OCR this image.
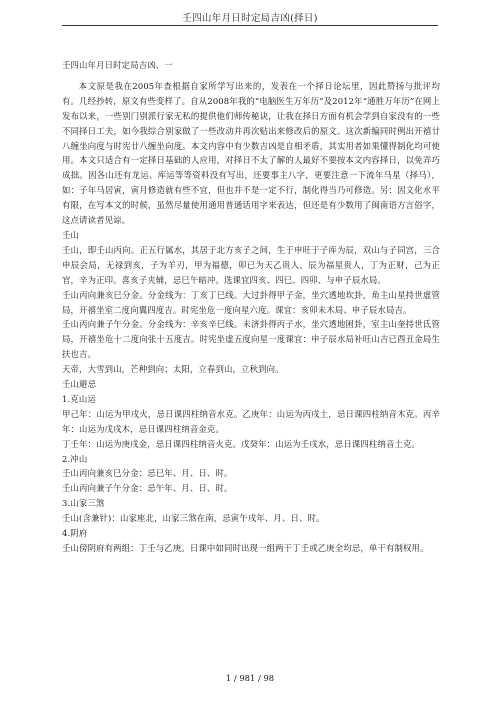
壬四山年月日时定局吉凶(择日)

壬四山年月日时定局吉凶、一

本文原是我在2005年查根据自家所学写出来的，发表在一个择日论坛里，因此赞扬与批评均有。几经抄转，原文有些变样了。自从2008年我的“电脑医生万年历”及2012年“通胜万年历”在网上发布以来，一些别门别派行家无私的提供他们师传秘诀，让我在择日方面有机会学到自家没有的一些不同择日工夫，如今我综合别家做了一些改动并再次贴出来修改后的原文。这次新编同时例出开禧廿八缠坐向度与时宪廿八缠坐向度。本文内容中有少数吉凶是自相矛盾，其实用者如果懂得制化均可使用。本文只适合有一定择日基础的人应用，对择日不太了解的人最好不要按本文内容择日，以免弄巧成拙。因各山还有龙运、库运等等资料没有写出，还要事主八字，更要注意一下流年马星（择马），如：子年马居寅，寅月修造就有些不宜，但也并不是一定不行，制化得当乃可修造。另：因文化水平有限，在写本文的时候，虽然尽量使用通用普通话用字来表达，但还是有少数用了闽南语方言俗字，这点请读者见谅。

壬山

壬山，即壬山丙向。正五行属水，其居于北方亥子之间，生于申旺于子库为辰，双山与子同宫，三合申辰会局，无禄到亥，子为羊刃，甲为福德，卯已为天乙贵人，辰为福星贵人，丁为正财，己为正官，辛为正印。喜亥子夹辅，忌巳午暗冲。选课宜四亥、四巳、四卯、与申子辰水局。

壬山丙向兼亥巳分金。分金线为：丁亥丁巳线。大过卦得甲子金，坐穴透地坎卦，角主山星持世虚管局，开禧坐室二度向翼四度吉。时宪坐危一度向星六度。课宜：亥卯未木局、申子辰水局吉。

壬山丙向兼子午分金。分金线为：辛亥辛巳线。未济卦得丙子水，坐穴透地困卦，室主山奎持世氐管局，开禧坐危十二度向张十五度吉。时宪坐虚五度向星一度课宜：申子辰水局补旺山吉已酉丑金局生扶也吉。

天帝，大雪到山，芒种到向；太阳，立春到山，立秋到向。

壬山避忌

1.克山运

甲己年：山运为甲戌火，忌日课四柱纳音水克。乙庚年：山运为丙戌土，忌日课四柱纳音木克。丙辛年：山运为戊戌木，忌日课四柱纳音金克。

丁壬年：山运为庚戌金，忌日课四柱纳音火克。戊癸年：山运为壬戌水，忌日课四柱纳音土克。

2.冲山

壬山丙向兼亥巳分金：忌巳年、月、日、时。

壬山丙向兼子午分金：忌午年、月、日、时。

3.山家三煞

壬山(含兼针)：山家座北，山家三煞在南，忌寅午戌年、月、日、时。

4.阴府

壬山傍阴府有两组：丁壬与乙庚。日课中如同时出现一组两干丁壬或乙庚全均忌，单干有制权用。

1 / 981 / 98
